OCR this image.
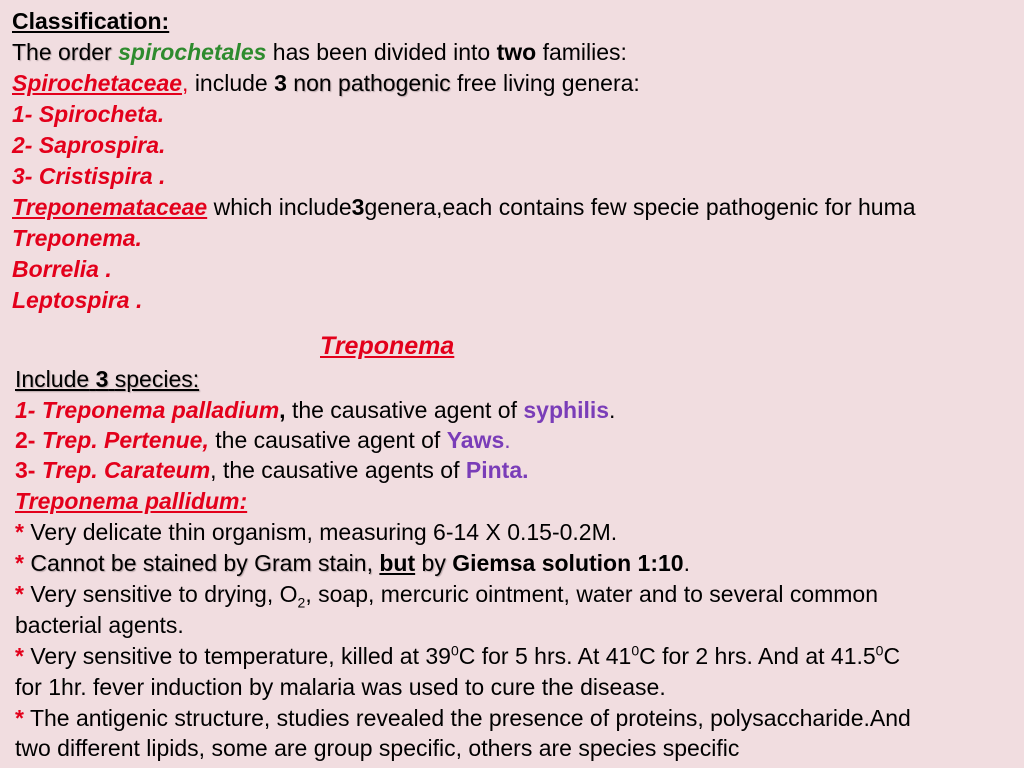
Classification:
The order spirochetales has been divided into two families:
Spirochetaceae, include 3 non pathogenic free living genera:
1- Spirocheta.
2- Saprospira.
3- Cristispira .
Treponemataceae which include3genera,each contains few specie pathogenic for huma
Treponema.
Borrelia .
Leptospira .
Treponema
Include 3 species:
1- Treponema palladium, the causative agent of syphilis.
2- Trep. Pertenue, the causative agent of Yaws.
3- Trep. Carateum, the causative agents of Pinta.
Treponema pallidum:
* Very delicate thin organism, measuring 6-14 X 0.15-0.2M.
* Cannot be stained by Gram stain, but by Giemsa solution 1:10.
* Very sensitive to drying, $O_2$, soap, mercuric ointment, water and to several common
bacterial agents.
* Very sensitive to temperature, killed at $39^0C$ for 5 hrs. At $41^0C$ for 2 hrs. And at 41.5$^0$C
for 1hr. fever induction by malaria was used to cure the disease.
* The antigenic structure, studies revealed the presence of proteins, polysaccharide.And
two different lipids, some are group specific, others are species specific
